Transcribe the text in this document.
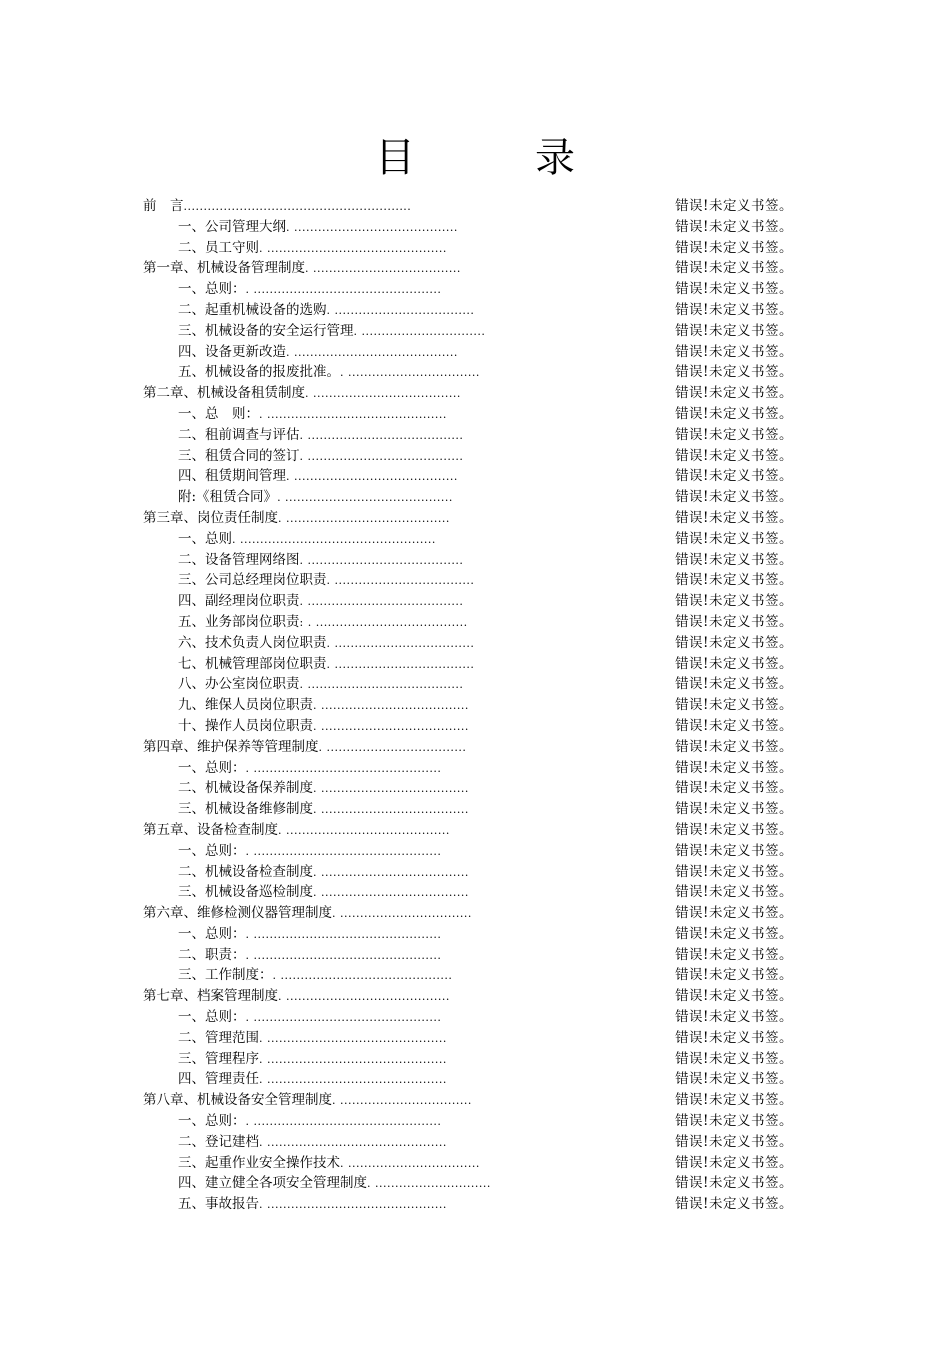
目　录
前　言.........................................................	错误!未定义书签。
一、公司管理大纲. .........................................	错误!未定义书签。
二、员工守则. .............................................	错误!未定义书签。
第一章、机械设备管理制度. .....................................	错误!未定义书签。
一、总则：. ...............................................	错误!未定义书签。
二、起重机械设备的选购. ...................................	错误!未定义书签。
三、机械设备的安全运行管理. ...............................	错误!未定义书签。
四、设备更新改造. .........................................	错误!未定义书签。
五、机械设备的报废批准。. .................................	错误!未定义书签。
第二章、机械设备租赁制度. .....................................	错误!未定义书签。
一、总　则：. .............................................	错误!未定义书签。
二、租前调查与评估. .......................................	错误!未定义书签。
三、租赁合同的签订. .......................................	错误!未定义书签。
四、租赁期间管理. .........................................	错误!未定义书签。
附:《租赁合同》. ..........................................	错误!未定义书签。
第三章、岗位责任制度. .........................................	错误!未定义书签。
一、总则. .................................................	错误!未定义书签。
二、设备管理网络图. .......................................	错误!未定义书签。
三、公司总经理岗位职责. ...................................	错误!未定义书签。
四、副经理岗位职责. .......................................	错误!未定义书签。
五、业务部岗位职责: . ......................................	错误!未定义书签。
六、技术负责人岗位职责. ...................................	错误!未定义书签。
七、机械管理部岗位职责. ...................................	错误!未定义书签。
八、办公室岗位职责. .......................................	错误!未定义书签。
九、维保人员岗位职责. .....................................	错误!未定义书签。
十、操作人员岗位职责. .....................................	错误!未定义书签。
第四章、维护保养等管理制度. ...................................	错误!未定义书签。
一、总则：. ...............................................	错误!未定义书签。
二、机械设备保养制度. .....................................	错误!未定义书签。
三、机械设备维修制度. .....................................	错误!未定义书签。
第五章、设备检查制度. .........................................	错误!未定义书签。
一、总则：. ...............................................	错误!未定义书签。
二、机械设备检查制度. .....................................	错误!未定义书签。
三、机械设备巡检制度. .....................................	错误!未定义书签。
第六章、维修检测仪器管理制度. .................................	错误!未定义书签。
一、总则：. ...............................................	错误!未定义书签。
二、职责：. ...............................................	错误!未定义书签。
三、工作制度：. ...........................................	错误!未定义书签。
第七章、档案管理制度. .........................................	错误!未定义书签。
一、总则：. ...............................................	错误!未定义书签。
二、管理范围. .............................................	错误!未定义书签。
三、管理程序. .............................................	错误!未定义书签。
四、管理责任. .............................................	错误!未定义书签。
第八章、机械设备安全管理制度. .................................	错误!未定义书签。
一、总则：. ...............................................	错误!未定义书签。
二、登记建档. .............................................	错误!未定义书签。
三、起重作业安全操作技术. .................................	错误!未定义书签。
四、建立健全各项安全管理制度. .............................	错误!未定义书签。
五、事故报告. .............................................	错误!未定义书签。
